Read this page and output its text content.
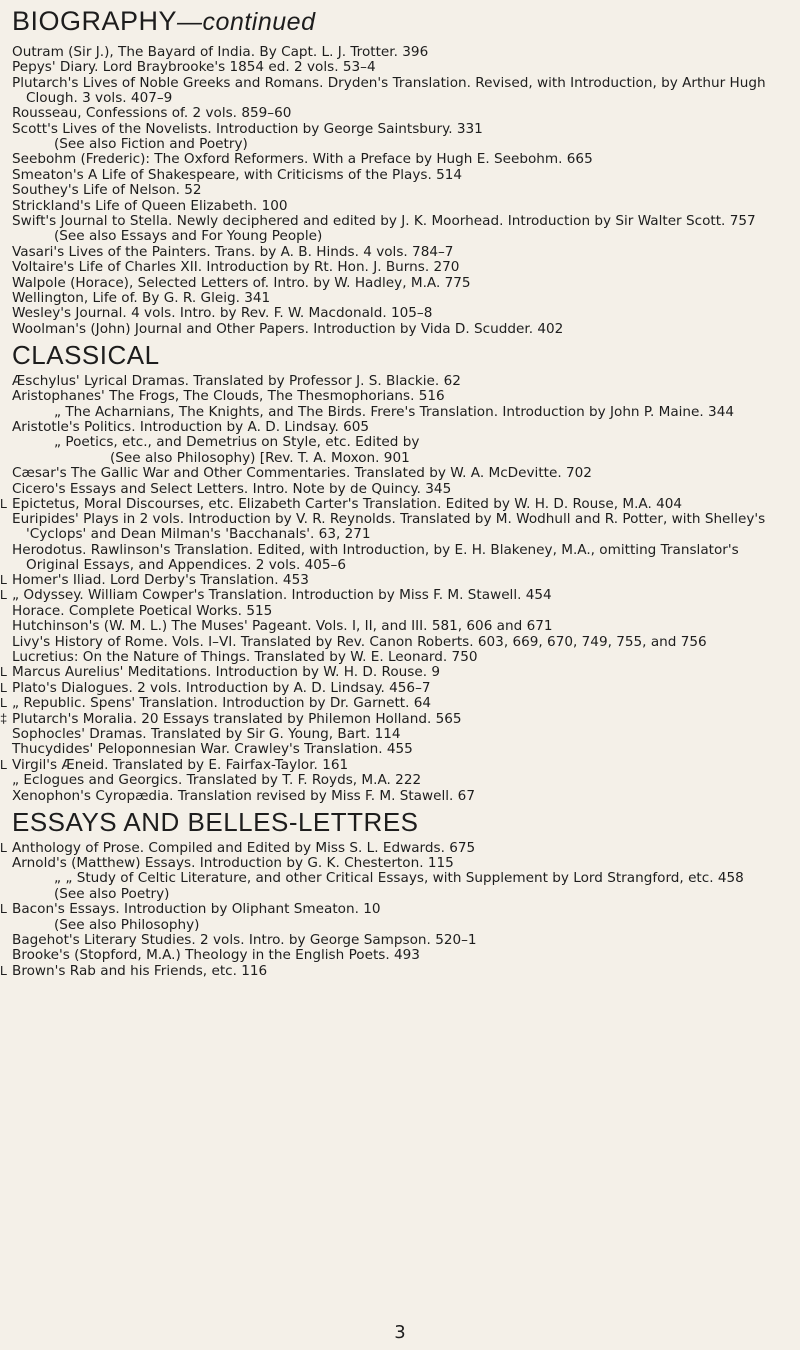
BIOGRAPHY—continued
Outram (Sir J.), The Bayard of India. By Capt. L. J. Trotter. 396
Pepys' Diary. Lord Braybrooke's 1854 ed. 2 vols. 53–4
Plutarch's Lives of Noble Greeks and Romans. Dryden's Translation. Revised, with Introduction, by Arthur Hugh Clough. 3 vols. 407–9
Rousseau, Confessions of. 2 vols. 859–60
Scott's Lives of the Novelists. Introduction by George Saintsbury. 331
(See also Fiction and Poetry)
Seebohm (Frederic): The Oxford Reformers. With a Preface by Hugh E. Seebohm. 665
Smeaton's A Life of Shakespeare, with Criticisms of the Plays. 514
Southey's Life of Nelson. 52
Strickland's Life of Queen Elizabeth. 100
Swift's Journal to Stella. Newly deciphered and edited by J. K. Moorhead. Introduction by Sir Walter Scott. 757
(See also Essays and For Young People)
Vasari's Lives of the Painters. Trans. by A. B. Hinds. 4 vols. 784–7
Voltaire's Life of Charles XII. Introduction by Rt. Hon. J. Burns. 270
Walpole (Horace), Selected Letters of. Intro. by W. Hadley, M.A. 775
Wellington, Life of. By G. R. Gleig. 341
Wesley's Journal. 4 vols. Intro. by Rev. F. W. Macdonald. 105–8
Woolman's (John) Journal and Other Papers. Introduction by Vida D. Scudder. 402
CLASSICAL
Æschylus' Lyrical Dramas. Translated by Professor J. S. Blackie. 62
Aristophanes' The Frogs, The Clouds, The Thesmophorians. 516
„ The Acharnians, The Knights, and The Birds. Frere's Translation. Introduction by John P. Maine. 344
Aristotle's Politics. Introduction by A. D. Lindsay. 605
„ Poetics, etc., and Demetrius on Style, etc. Edited by
(See also Philosophy) [Rev. T. A. Moxon. 901
Cæsar's The Gallic War and Other Commentaries. Translated by W. A. McDevitte. 702
Cicero's Essays and Select Letters. Intro. Note by de Quincy. 345
L Epictetus, Moral Discourses, etc. Elizabeth Carter's Translation. Edited by W. H. D. Rouse, M.A. 404
Euripides' Plays in 2 vols. Introduction by V. R. Reynolds. Translated by M. Wodhull and R. Potter, with Shelley's 'Cyclops' and Dean Milman's 'Bacchanals'. 63, 271
Herodotus. Rawlinson's Translation. Edited, with Introduction, by E. H. Blakeney, M.A., omitting Translator's Original Essays, and Appendices. 2 vols. 405–6
L Homer's Iliad. Lord Derby's Translation. 453
L „ Odyssey. William Cowper's Translation. Introduction by Miss F. M. Stawell. 454
Horace. Complete Poetical Works. 515
Hutchinson's (W. M. L.) The Muses' Pageant. Vols. I, II, and III. 581, 606 and 671
Livy's History of Rome. Vols. I–VI. Translated by Rev. Canon Roberts. 603, 669, 670, 749, 755, and 756
Lucretius: On the Nature of Things. Translated by W. E. Leonard. 750
L Marcus Aurelius' Meditations. Introduction by W. H. D. Rouse. 9
L Plato's Dialogues. 2 vols. Introduction by A. D. Lindsay. 456–7
L „ Republic. Spens' Translation. Introduction by Dr. Garnett. 64
‡ Plutarch's Moralia. 20 Essays translated by Philemon Holland. 565
Sophocles' Dramas. Translated by Sir G. Young, Bart. 114
Thucydides' Peloponnesian War. Crawley's Translation. 455
L Virgil's Æneid. Translated by E. Fairfax-Taylor. 161
„ Eclogues and Georgics. Translated by T. F. Royds, M.A. 222
Xenophon's Cyropædia. Translation revised by Miss F. M. Stawell. 67
ESSAYS AND BELLES-LETTRES
L Anthology of Prose. Compiled and Edited by Miss S. L. Edwards. 675
Arnold's (Matthew) Essays. Introduction by G. K. Chesterton. 115
„ „ Study of Celtic Literature, and other Critical Essays, with Supplement by Lord Strangford, etc. 458
(See also Poetry)
L Bacon's Essays. Introduction by Oliphant Smeaton. 10
(See also Philosophy)
Bagehot's Literary Studies. 2 vols. Intro. by George Sampson. 520–1
Brooke's (Stopford, M.A.) Theology in the English Poets. 493
L Brown's Rab and his Friends, etc. 116
3
